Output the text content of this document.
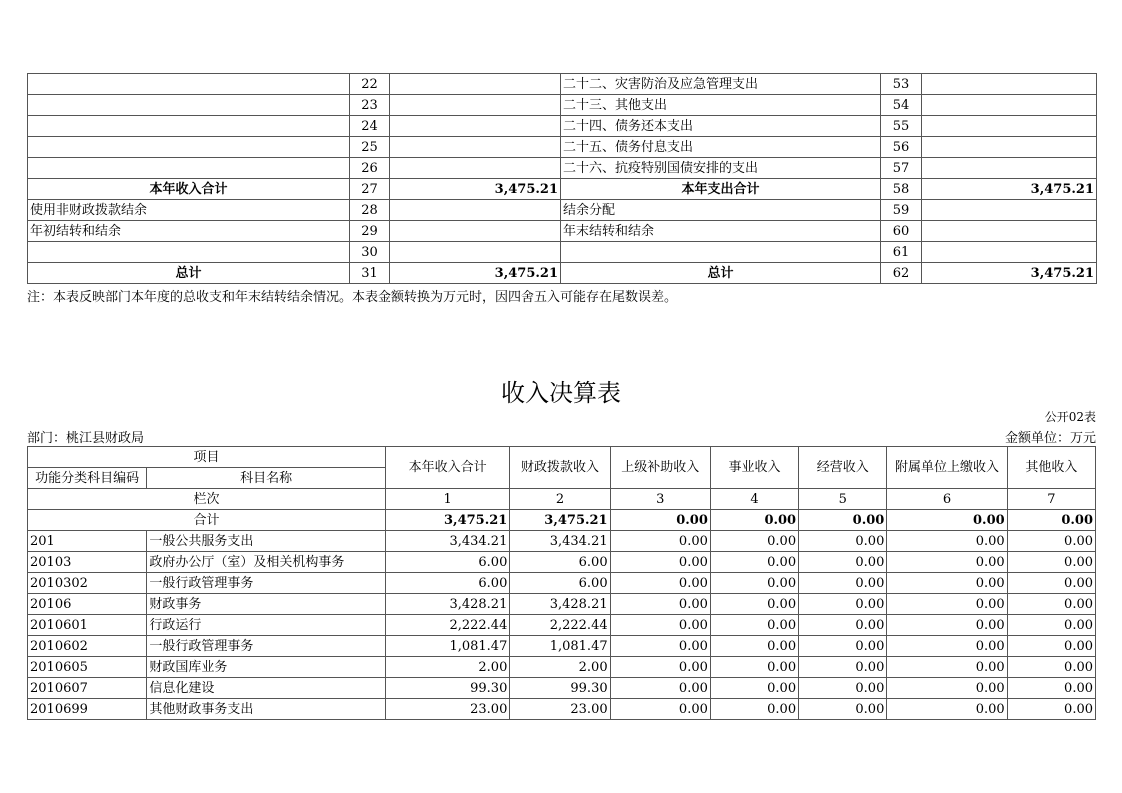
	22		二十二、灾害防治及应急管理支出	53	
	23		二十三、其他支出	54	
	24		二十四、债务还本支出	55	
	25		二十五、债务付息支出	56	
	26		二十六、抗疫特别国债安排的支出	57	
本年收入合计	27	3,475.21	本年支出合计	58	3,475.21
使用非财政拨款结余	28		结余分配	59	
年初结转和结余	29		年末结转和结余	60	
	30			61	
总计	31	3,475.21	总计	62	3,475.21
注：本表反映部门本年度的总收支和年末结转结余情况。本表金额转换为万元时，因四舍五入可能存在尾数误差。
收入决算表
公开02表
部门：桃江县财政局	金额单位：万元
项目		本年收入合计	财政拨款收入	上级补助收入	事业收入	经营收入	附属单位上缴收入	其他收入
功能分类科目编码	科目名称							
栏次		1	2	3	4	5	6	7
合计		3,475.21	3,475.21	0.00	0.00	0.00	0.00	0.00
201	一般公共服务支出	3,434.21	3,434.21	0.00	0.00	0.00	0.00	0.00
20103	政府办公厅（室）及相关机构事务	6.00	6.00	0.00	0.00	0.00	0.00	0.00
2010302	一般行政管理事务	6.00	6.00	0.00	0.00	0.00	0.00	0.00
20106	财政事务	3,428.21	3,428.21	0.00	0.00	0.00	0.00	0.00
2010601	行政运行	2,222.44	2,222.44	0.00	0.00	0.00	0.00	0.00
2010602	一般行政管理事务	1,081.47	1,081.47	0.00	0.00	0.00	0.00	0.00
2010605	财政国库业务	2.00	2.00	0.00	0.00	0.00	0.00	0.00
2010607	信息化建设	99.30	99.30	0.00	0.00	0.00	0.00	0.00
2010699	其他财政事务支出	23.00	23.00	0.00	0.00	0.00	0.00	0.00
